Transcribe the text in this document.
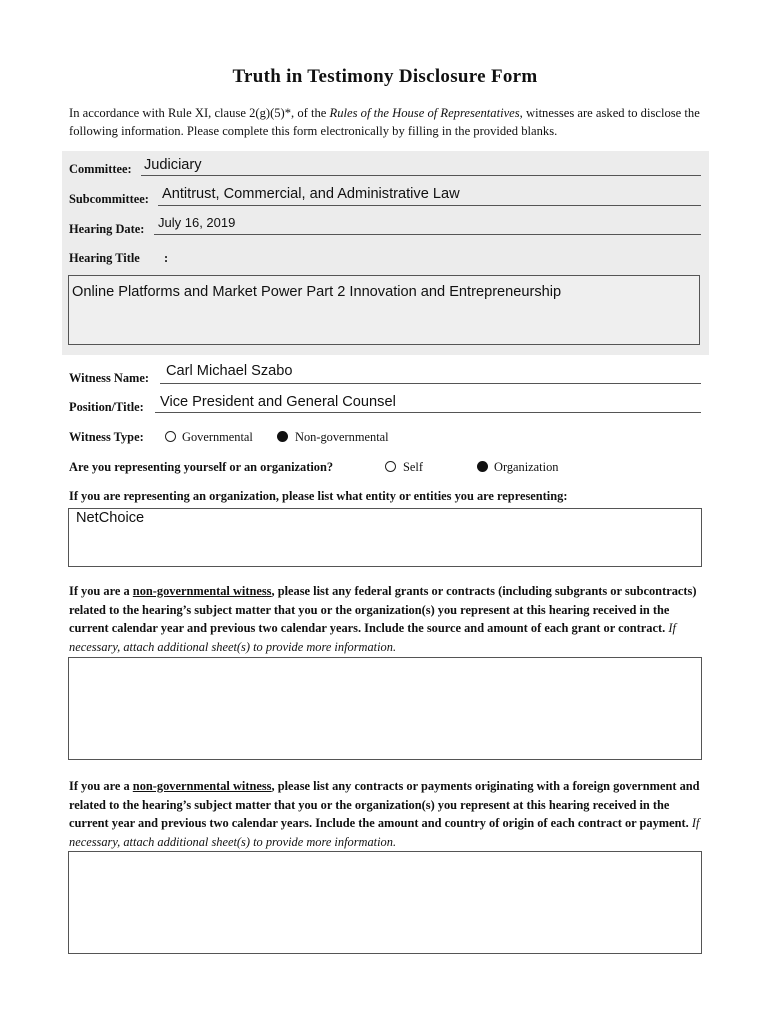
Truth in Testimony Disclosure Form
In accordance with Rule XI, clause 2(g)(5)*, of the Rules of the House of Representatives, witnesses are asked to disclose the following information. Please complete this form electronically by filling in the provided blanks.
Committee: Judiciary
Subcommittee: Antitrust, Commercial, and Administrative Law
Hearing Date: July 16, 2019
Hearing Title :
Online Platforms and Market Power Part 2 Innovation and Entrepreneurship
Witness Name: Carl Michael Szabo
Position/Title: Vice President and General Counsel
Witness Type:	Governmental	Non-governmental
Are you representing yourself or an organization?	Self	Organization
If you are representing an organization, please list what entity or entities you are representing:
NetChoice
If you are a non-governmental witness, please list any federal grants or contracts (including subgrants or subcontracts) related to the hearing’s subject matter that you or the organization(s) you represent at this hearing received in the current calendar year and previous two calendar years. Include the source and amount of each grant or contract. If necessary, attach additional sheet(s) to provide more information.
If you are a non-governmental witness, please list any contracts or payments originating with a foreign government and related to the hearing’s subject matter that you or the organization(s) you represent at this hearing received in the current year and previous two calendar years. Include the amount and country of origin of each contract or payment. If necessary, attach additional sheet(s) to provide more information.
